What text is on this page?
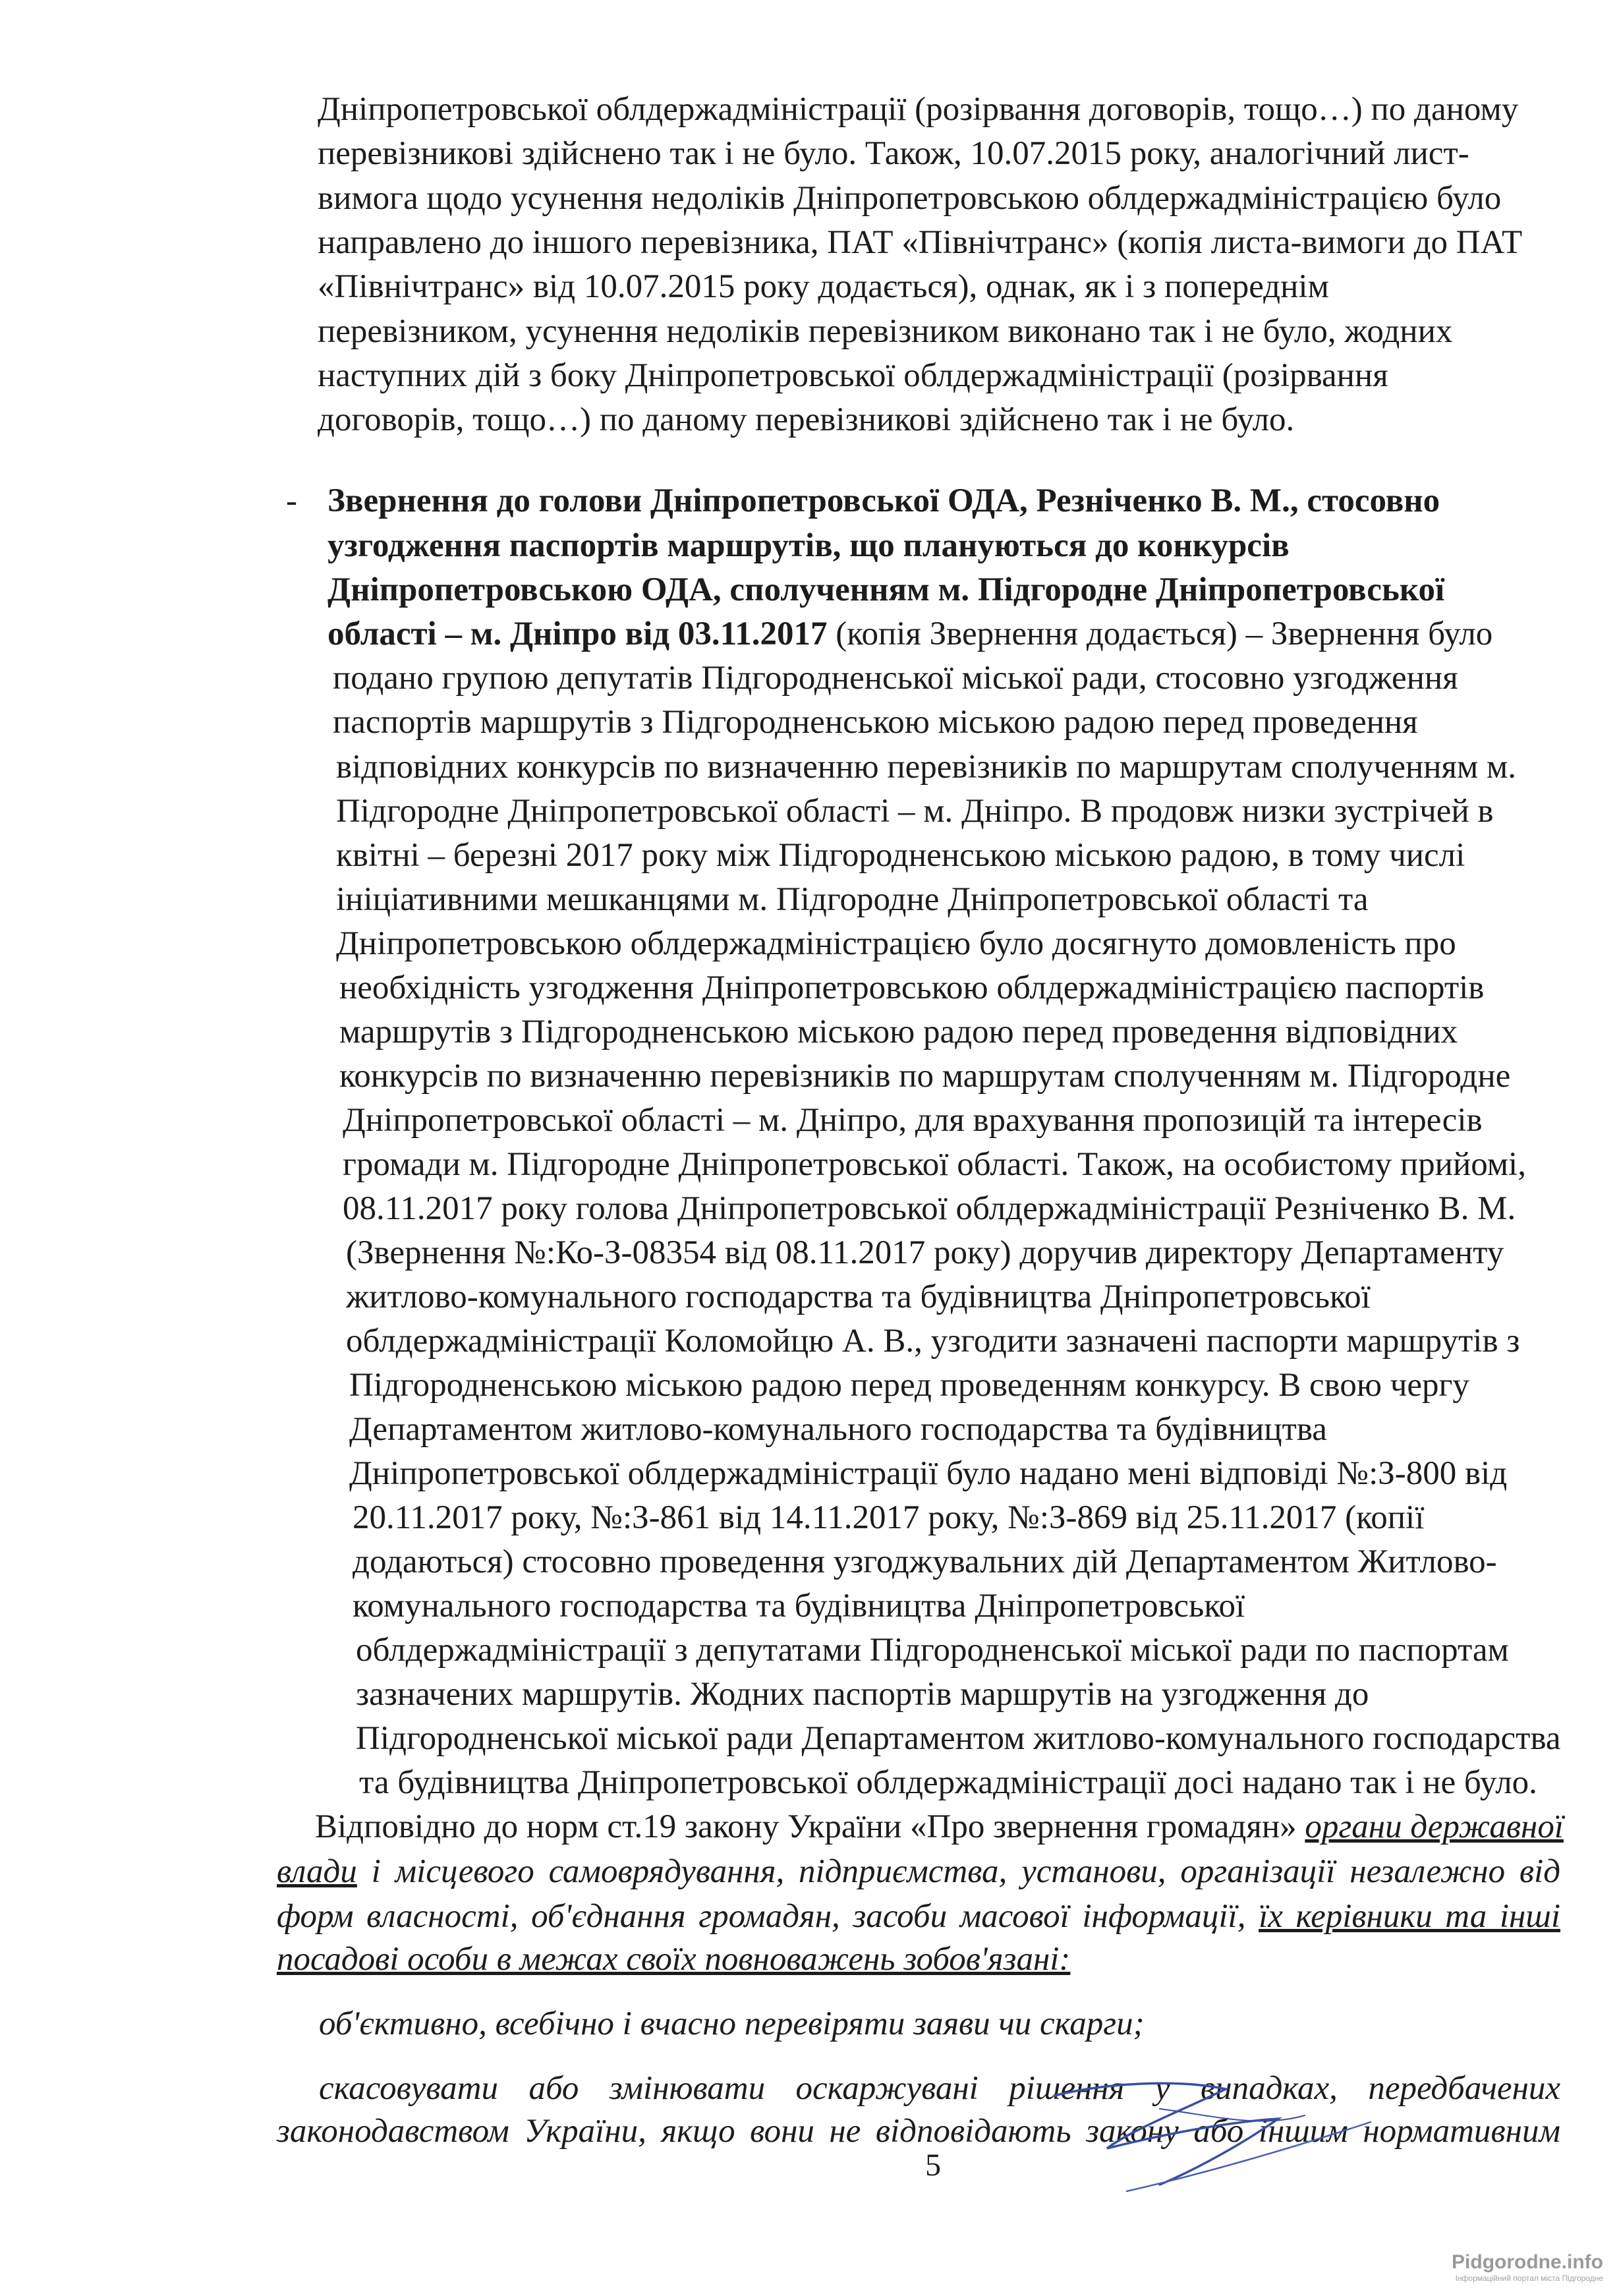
Дніпропетровської облдержадміністрації (розірвання договорів, тощо…) по даному
перевізникові здійснено так і не було. Також, 10.07.2015 року, аналогічний лист-
вимога щодо усунення недоліків Дніпропетровською облдержадміністрацією було
направлено до іншого перевізника, ПАТ «Північтранс» (копія листа-вимоги до ПАТ
«Північтранс» від 10.07.2015 року додається), однак, як і з попереднім
перевізником, усунення недоліків перевізником виконано так і не було, жодних
наступних дій з боку Дніпропетровської облдержадміністрації (розірвання
договорів, тощо…) по даному перевізникові здійснено так і не було.
- Звернення до голови Дніпропетровської ОДА, Резніченко В. М., стосовно
узгодження паспортів маршрутів, що плануються до конкурсів
Дніпропетровською ОДА, сполученням м. Підгородне Дніпропетровської
області – м. Дніпро від 03.11.2017 (копія Звернення додається) – Звернення було
подано групою депутатів Підгородненської міської ради, стосовно узгодження
паспортів маршрутів з Підгородненською міською радою перед проведення
відповідних конкурсів по визначенню перевізників по маршрутам сполученням м.
Підгородне Дніпропетровської області – м. Дніпро. В продовж низки зустрічей в
квітні – березні 2017 року між Підгородненською міською радою, в тому числі
ініціативними мешканцями м. Підгородне Дніпропетровської області та
Дніпропетровською облдержадміністрацією було досягнуто домовленість про
необхідність узгодження Дніпропетровською облдержадміністрацією паспортів
маршрутів з Підгородненською міською радою перед проведення відповідних
конкурсів по визначенню перевізників по маршрутам сполученням м. Підгородне
Дніпропетровської області – м. Дніпро, для врахування пропозицій та інтересів
громади м. Підгородне Дніпропетровської області. Також, на особистому прийомі,
08.11.2017 року голова Дніпропетровської облдержадміністрації Резніченко В. М.
(Звернення №:Ко-З-08354 від 08.11.2017 року) доручив директору Департаменту
житлово-комунального господарства та будівництва Дніпропетровської
облдержадміністрації Коломойцю А. В., узгодити зазначені паспорти маршрутів з
Підгородненською міською радою перед проведенням конкурсу. В свою чергу
Департаментом житлово-комунального господарства та будівництва
Дніпропетровської облдержадміністрації було надано мені відповіді №:З-800 від
20.11.2017 року, №:З-861 від 14.11.2017 року, №:З-869 від 25.11.2017 (копії
додаються) стосовно проведення узгоджувальних дій Департаментом Житлово-
комунального господарства та будівництва Дніпропетровської
облдержадміністрації з депутатами Підгородненської міської ради по паспортам
зазначених маршрутів. Жодних паспортів маршрутів на узгодження до
Підгородненської міської ради Департаментом житлово-комунального господарства
та будівництва Дніпропетровської облдержадміністрації досі надано так і не було.
Відповідно до норм ст.19 закону України «Про звернення громадян» органи державної
влади і місцевого самоврядування, підприємства, установи, організації незалежно від
форм власності, об'єднання громадян, засоби масової інформації, їх керівники та інші
посадові особи в межах своїх повноважень зобов'язані:
об'єктивно, всебічно і вчасно перевіряти заяви чи скарги;
скасовувати або змінювати оскаржувані рішення у випадках, передбачених
законодавством України, якщо вони не відповідають закону або іншим нормативним
5
Pidgorodne.info
Інформаційний портал міста Підгородне
